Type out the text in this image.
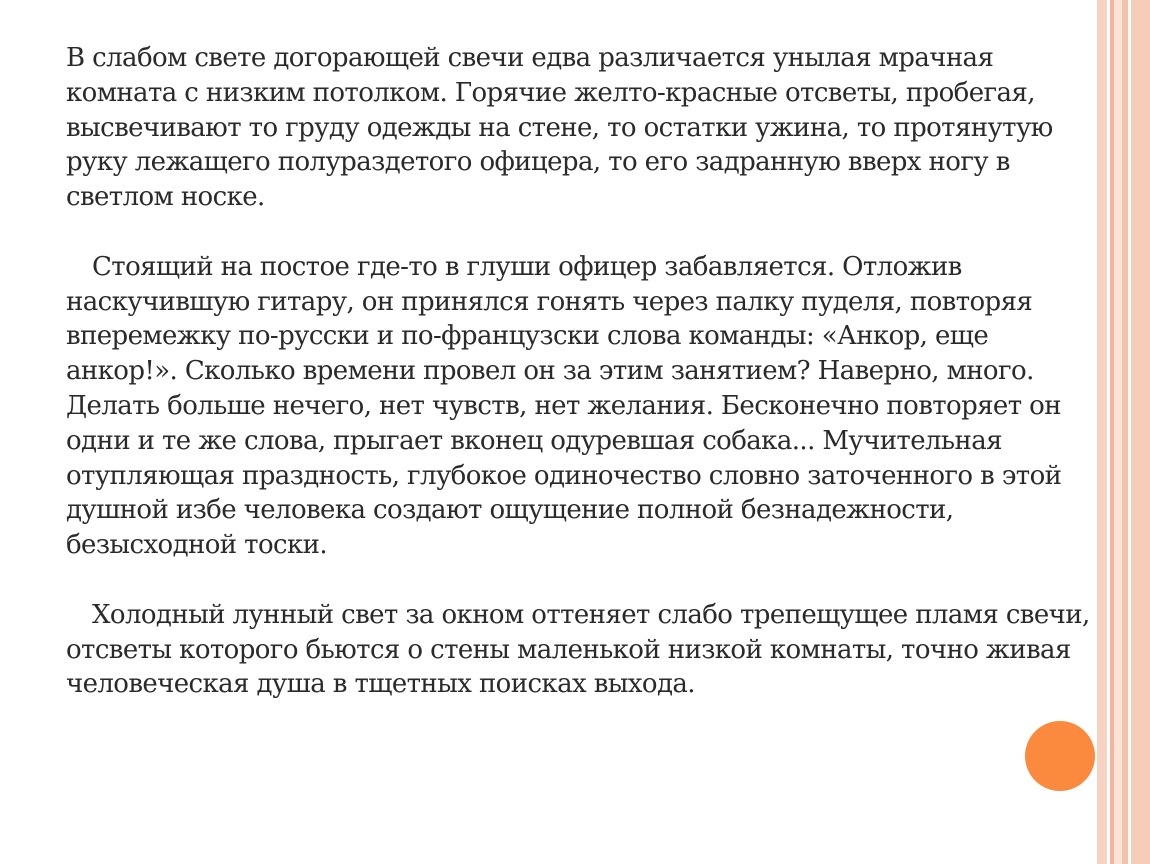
В слабом свете догорающей свечи едва различается унылая мрачная комната с низким потолком. Горячие желто-красные отсветы, пробегая, высвечивают то груду одежды на стене, то остатки ужина, то протянутую руку лежащего полураздетого офицера, то его задранную вверх ногу в светлом носке.

Стоящий на постое где-то в глуши офицер забавляется. Отложив наскучившую гитару, он принялся гонять через палку пуделя, повторяя вперемежку по-русски и по-французски слова команды: «Анкор, еще анкор!». Сколько времени провел он за этим занятием? Наверно, много. Делать больше нечего, нет чувств, нет желания. Бесконечно повторяет он одни и те же слова, прыгает вконец одуревшая собака... Мучительная отупляющая праздность, глубокое одиночество словно заточенного в этой душной избе человека создают ощущение полной безнадежности, безысходной тоски.

Холодный лунный свет за окном оттеняет слабо трепещущее пламя свечи, отсветы которого бьются о стены маленькой низкой комнаты, точно живая человеческая душа в тщетных поисках выхода.
